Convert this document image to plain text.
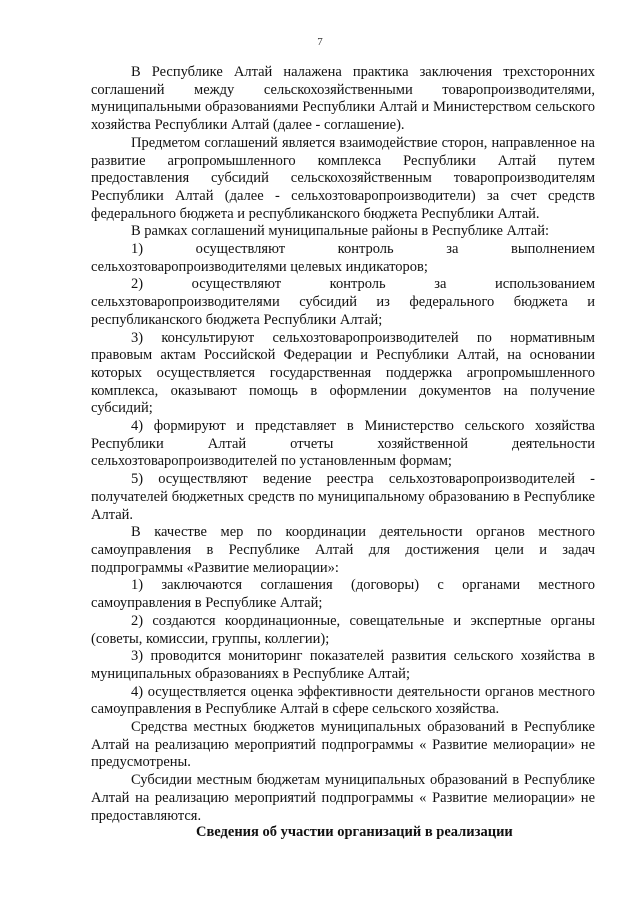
7

В Республике Алтай налажена практика заключения трехсторонних соглашений между сельскохозяйственными товаропроизводителями, муниципальными образованиями Республики Алтай и Министерством сельского хозяйства Республики Алтай (далее - соглашение).

Предметом соглашений является взаимодействие сторон, направленное на развитие агропромышленного комплекса Республики Алтай путем предоставления субсидий сельскохозяйственным товаропроизводителям Республики Алтай (далее - сельхозтоваропроизводители) за счет средств федерального бюджета и республиканского бюджета Республики Алтай.

В рамках соглашений муниципальные районы в Республике Алтай:

1) осуществляют контроль за выполнением сельхозтоваропроизводителями целевых индикаторов;

2) осуществляют контроль за использованием сельхзтоваропроизводителями субсидий из федерального бюджета и республиканского бюджета Республики Алтай;

3) консультируют сельхозтоваропроизводителей по нормативным правовым актам Российской Федерации и Республики Алтай, на основании которых осуществляется государственная поддержка агропромышленного комплекса, оказывают помощь в оформлении документов на получение субсидий;

4) формируют и представляет в Министерство сельского хозяйства Республики Алтай отчеты хозяйственной деятельности сельхозтоваропроизводителей по установленным формам;

5) осуществляют ведение реестра сельхозтоваропроизводителей - получателей бюджетных средств по муниципальному образованию в Республике Алтай.

В качестве мер по координации деятельности органов местного самоуправления в Республике Алтай для достижения цели и задач подпрограммы «Развитие мелиорации»:

1) заключаются соглашения (договоры) с органами местного самоуправления в Республике Алтай;

2) создаются координационные, совещательные и экспертные органы (советы, комиссии, группы, коллегии);

3) проводится мониторинг показателей развития сельского хозяйства в муниципальных образованиях в Республике Алтай;

4) осуществляется оценка эффективности деятельности органов местного самоуправления в Республике Алтай в сфере сельского хозяйства.

Средства местных бюджетов муниципальных образований в Республике Алтай на реализацию мероприятий подпрограммы « Развитие мелиорации» не предусмотрены.

Субсидии местным бюджетам муниципальных образований в Республике Алтай на реализацию мероприятий подпрограммы « Развитие мелиорации» не предоставляются.

Сведения об участии организаций в реализации
